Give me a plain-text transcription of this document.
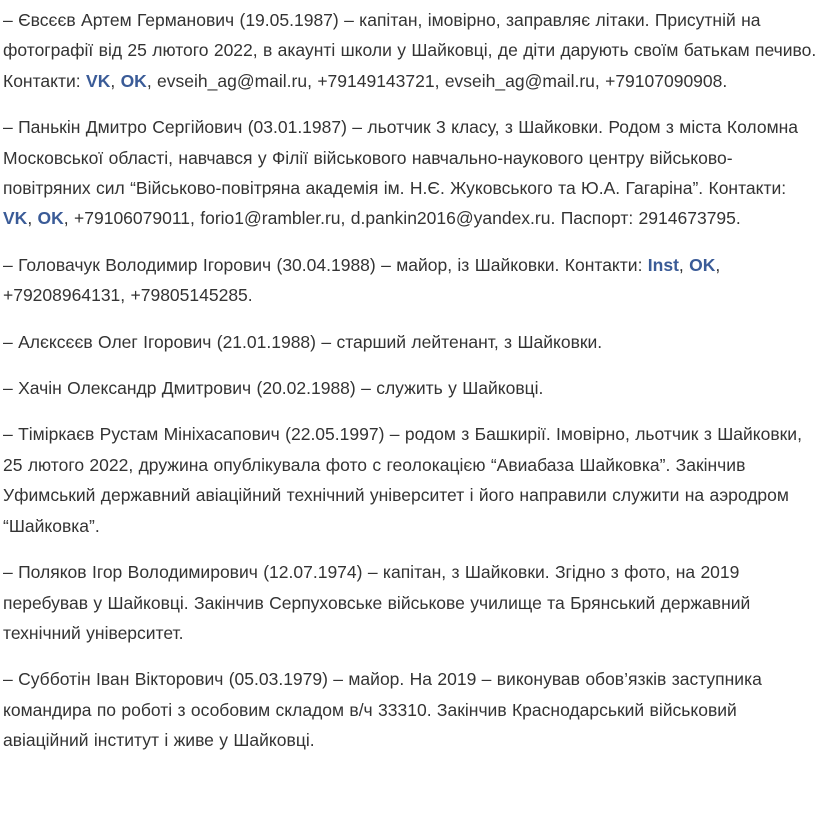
– Євсєєв Артем Германович (19.05.1987) – капітан, імовірно, заправляє літаки. Присутній на фотографії від 25 лютого 2022, в акаунті школи у Шайковці, де діти дарують своїм батькам печиво. Контакти: VK, OK, evseih_ag@mail.ru, +79149143721, evseih_ag@mail.ru, +79107090908.

– Панькін Дмитро Сергійович (03.01.1987) – льотчик 3 класу, з Шайковки. Родом з міста Коломна Московської області, навчався у Філії військового навчально-наукового центру військово-повітряних сил “Військово-повітряна академія ім. Н.Є. Жуковського та Ю.А. Гагаріна”. Контакти: VK, OK, +79106079011, forio1@rambler.ru, d.pankin2016@yandex.ru. Паспорт: 2914673795.

– Головачук Володимир Ігорович (30.04.1988) – майор, із Шайковки. Контакти: Inst, OK, +79208964131, +79805145285.

– Алєксєєв Олег Ігорович (21.01.1988) – старший лейтенант, з Шайковки.

– Хачін Олександр Дмитрович (20.02.1988) – служить у Шайковці.

– Тіміркаєв Рустам Мініхасапович (22.05.1997) – родом з Башкирії. Імовірно, льотчик з Шайковки, 25 лютого 2022, дружина опублікувала фото с геолокацією “Авиабаза Шайковка”. Закінчив Уфимський державний авіаційний технічний університет і його направили служити на аэродром “Шайковка”.

– Поляков Ігор Володимирович (12.07.1974) – капітан, з Шайковки. Згідно з фото, на 2019 перебував у Шайковці. Закінчив Серпуховське військове училище та Брянський державний технічний університет.

– Субботін Іван Вікторович (05.03.1979) – майор. На 2019 – виконував обов’язків заступника командира по роботі з особовим складом в/ч 33310. Закінчив Краснодарський військовий авіаційний інститут і живе у Шайковці.
